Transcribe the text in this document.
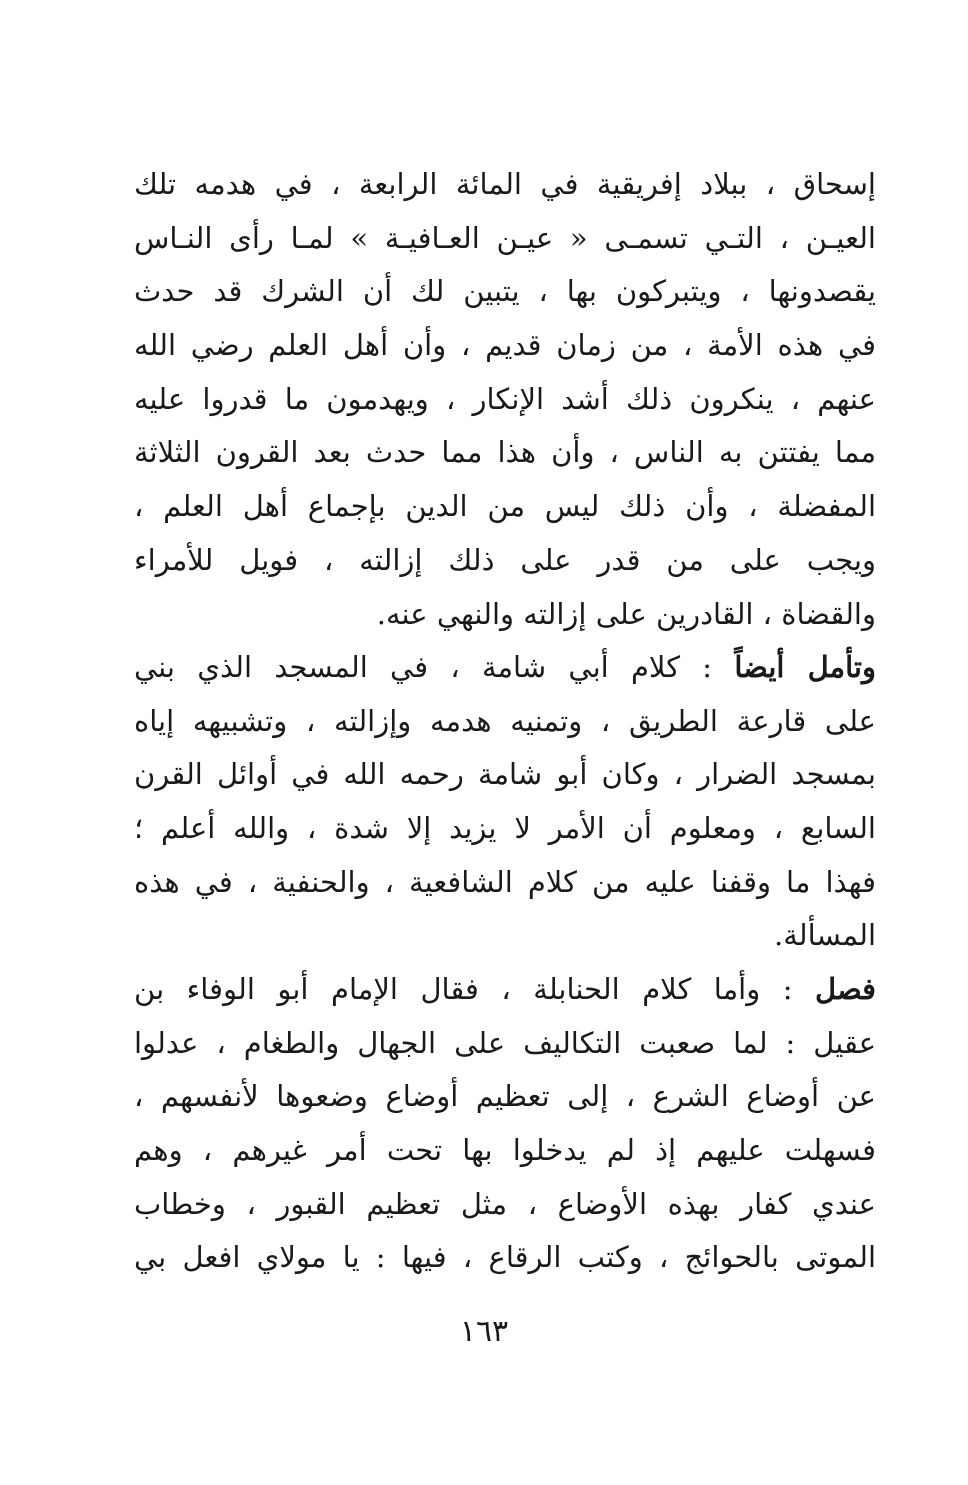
إسحاق ، ببلاد إفريقية في المائة الرابعة ، في هدمه تلك
العيـن ، التـي تسمـى « عيـن العـافيـة » لمـا رأى النـاس
يقصدونها ، ويتبركون بها ، يتبين لك أن الشرك قد حدث
في هذه الأمة ، من زمان قديم ، وأن أهل العلم رضي الله
عنهم ، ينكرون ذلك أشد الإنكار ، ويهدمون ما قدروا عليه
مما يفتتن به الناس ، وأن هذا مما حدث بعد القرون الثلاثة
المفضلة ، وأن ذلك ليس من الدين بإجماع أهل العلم ،
ويجب على من قدر على ذلك إزالته ، فويل للأمراء
والقضاة ، القادرين على إزالته والنهي عنه.
وتأمل أيضاً : كلام أبي شامة ، في المسجد الذي بني
على قارعة الطريق ، وتمنيه هدمه وإزالته ، وتشبيهه إياه
بمسجد الضرار ، وكان أبو شامة رحمه الله في أوائل القرن
السابع ، ومعلوم أن الأمر لا يزيد إلا شدة ، والله أعلم ؛
فهذا ما وقفنا عليه من كلام الشافعية ، والحنفية ، في هذه
المسألة.
فصل : وأما كلام الحنابلة ، فقال الإمام أبو الوفاء بن
عقيل : لما صعبت التكاليف على الجهال والطغام ، عدلوا
عن أوضاع الشرع ، إلى تعظيم أوضاع وضعوها لأنفسهم ،
فسهلت عليهم إذ لم يدخلوا بها تحت أمر غيرهم ، وهم
عندي كفار بهذه الأوضاع ، مثل تعظيم القبور ، وخطاب
الموتى بالحوائج ، وكتب الرقاع ، فيها : يا مولاي افعل بي
١٦٣
